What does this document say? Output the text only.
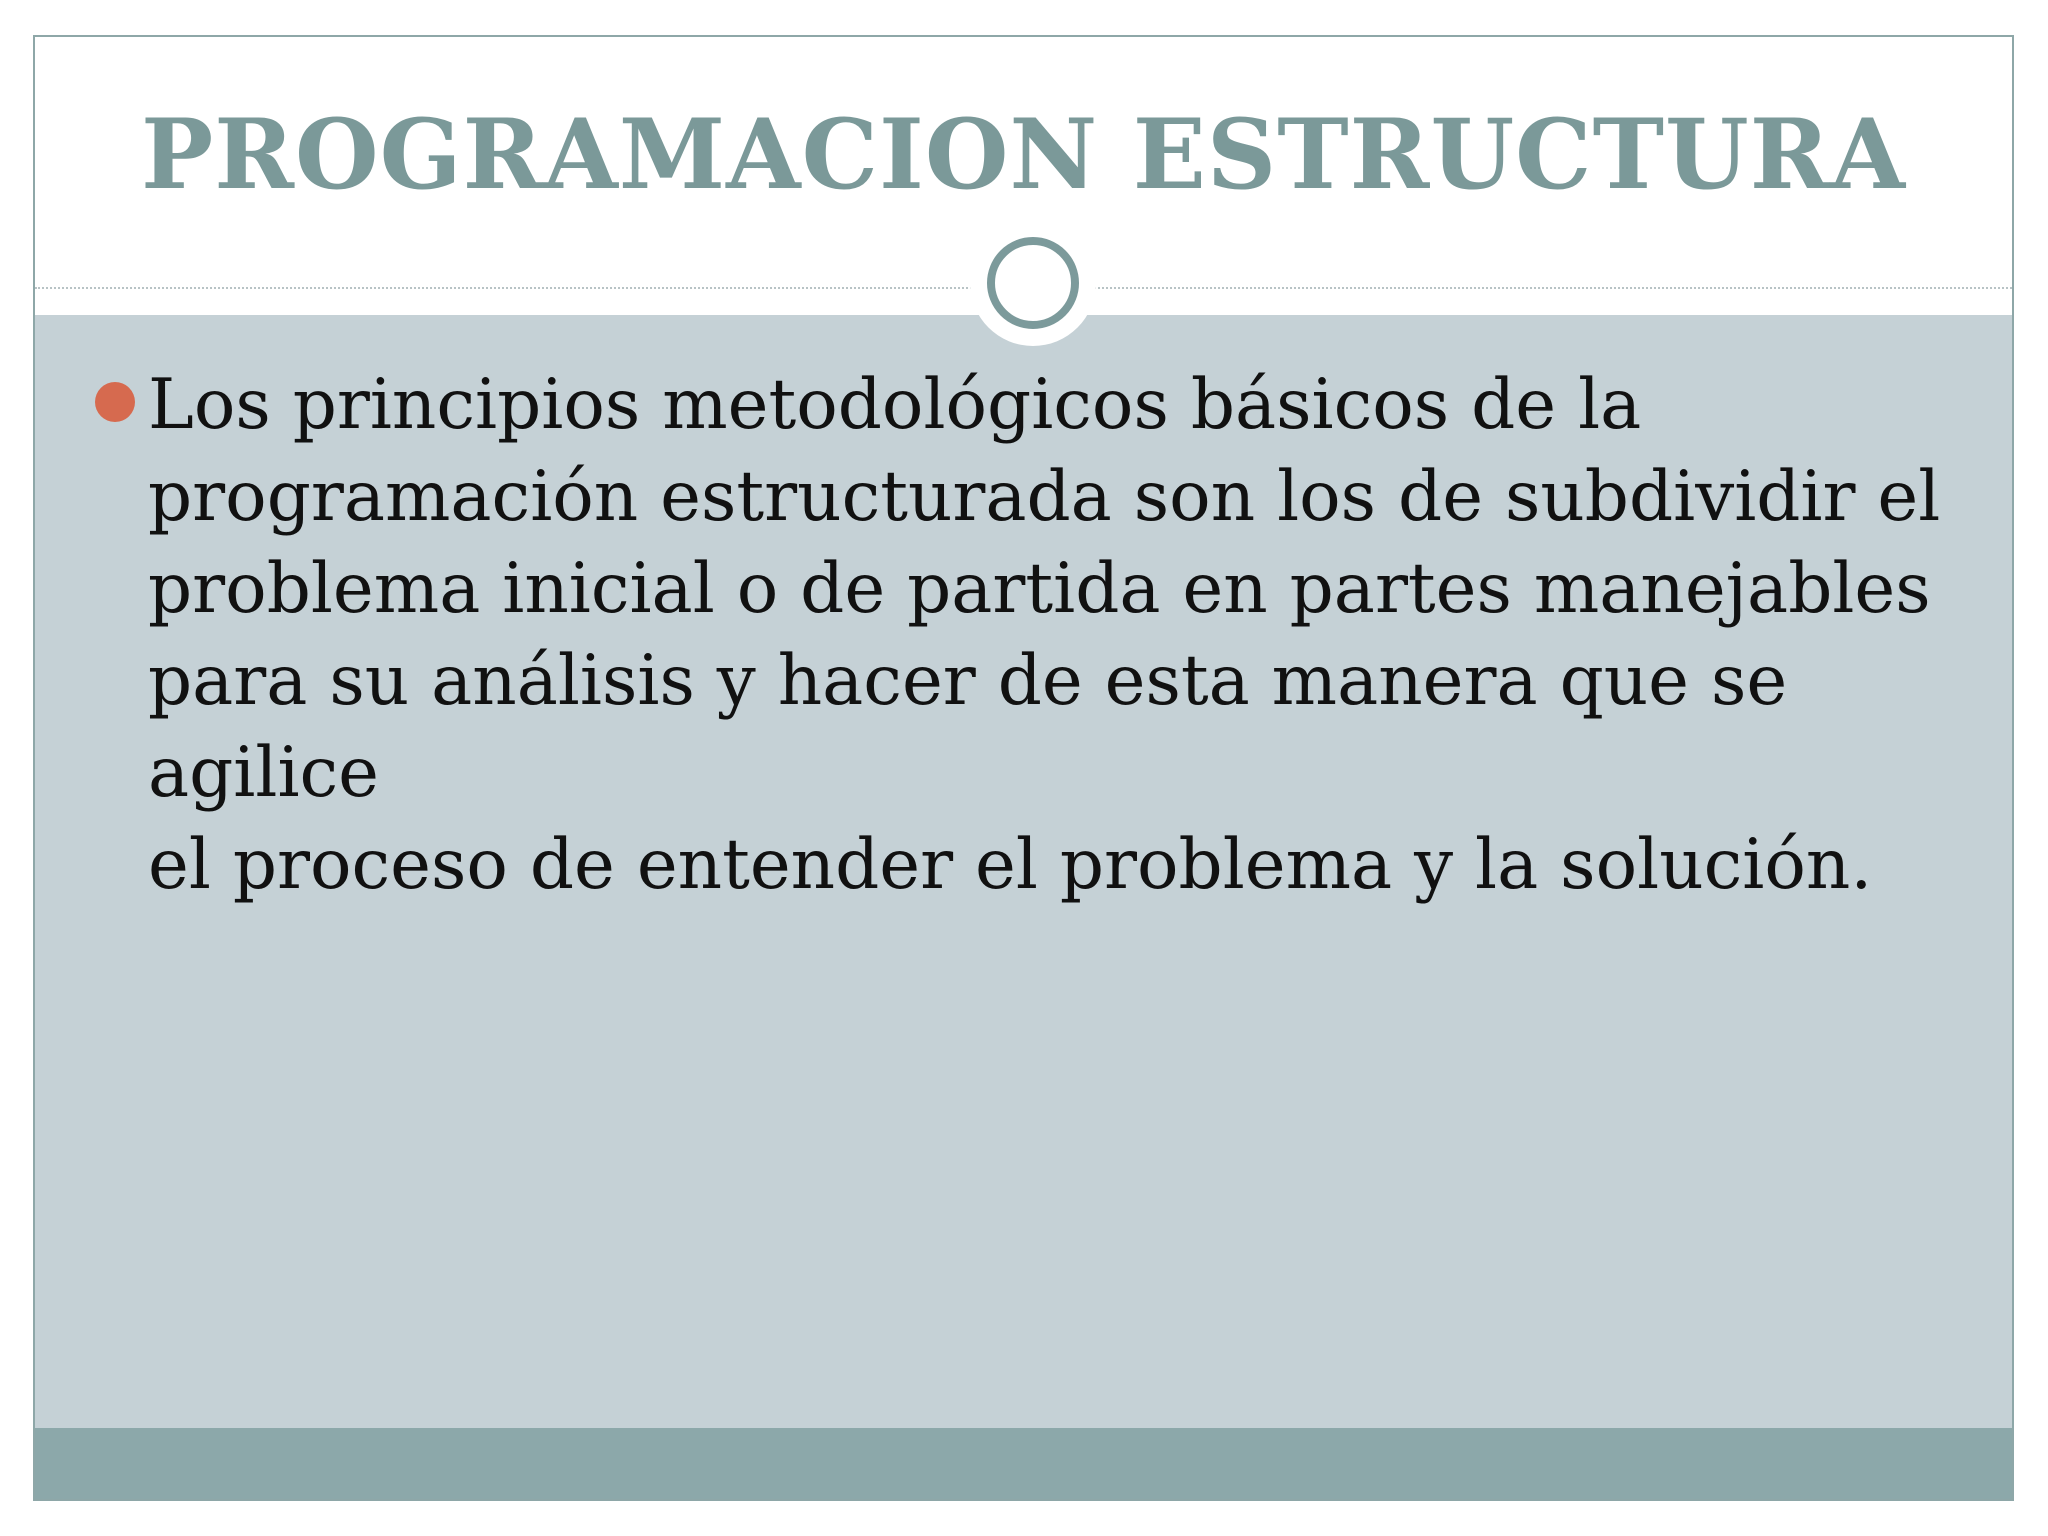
PROGRAMACION ESTRUCTURA

Los principios metodológicos básicos de la
programación estructurada son los de subdividir el
problema inicial o de partida en partes manejables
para su análisis y hacer de esta manera que se agilice
el proceso de entender el problema y la solución.
